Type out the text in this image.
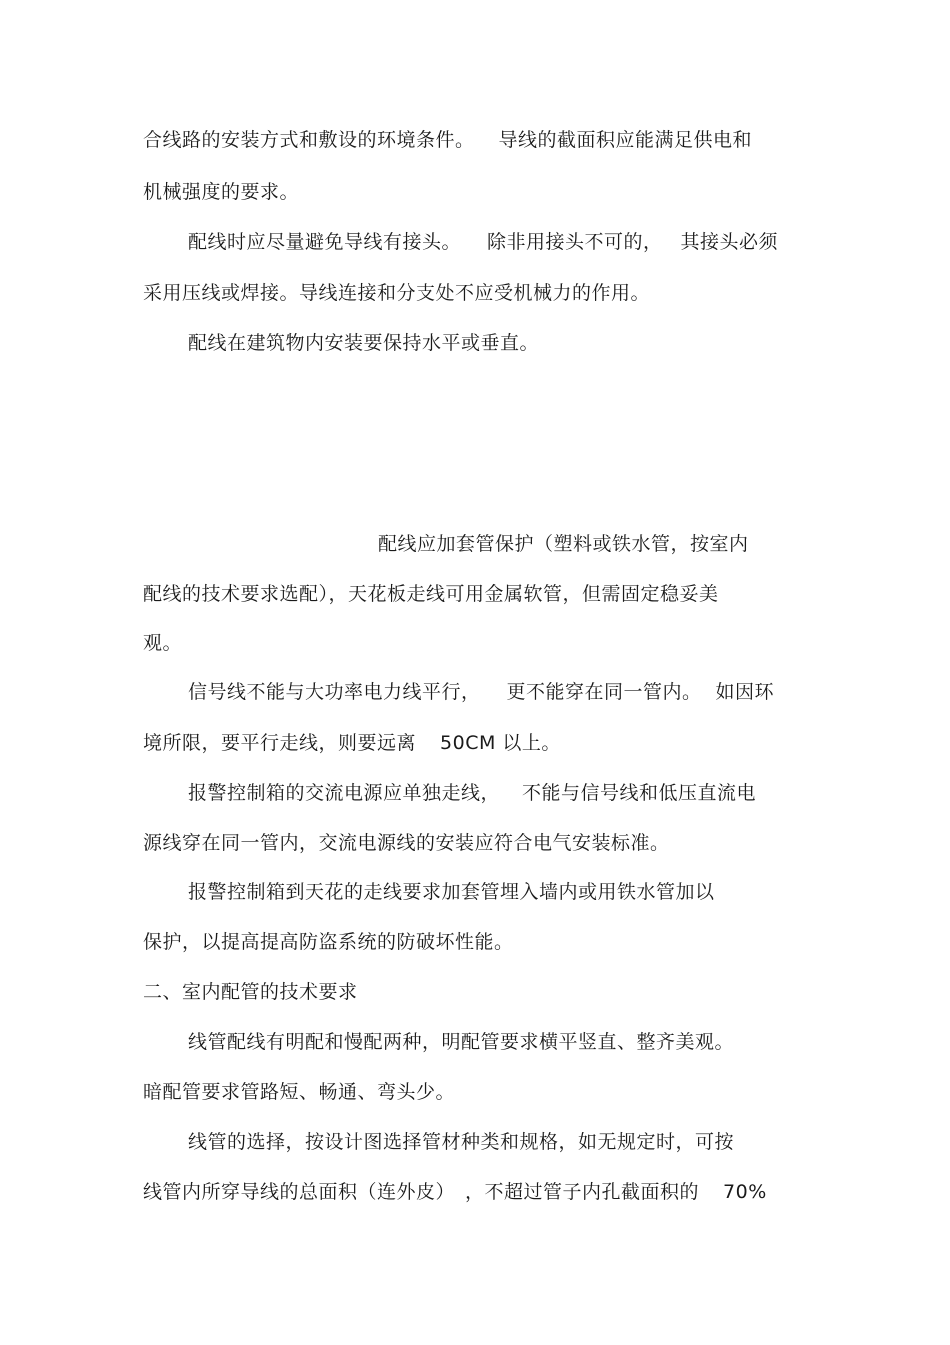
合线路的安装方式和敷设的环境条件。 导线的截面积应能满足供电和
机械强度的要求。
配线时应尽量避免导线有接头。 除非用接头不可的， 其接头必须
采用压线或焊接。导线连接和分支处不应受机械力的作用。
配线在建筑物内安装要保持水平或垂直。
配线应加套管保护（塑料或铁水管，按室内
配线的技术要求选配），天花板走线可用金属软管，但需固定稳妥美
观。
信号线不能与大功率电力线平行， 更不能穿在同一管内。 如因环
境所限，要平行走线，则要远离 50CM 以上。
报警控制箱的交流电源应单独走线， 不能与信号线和低压直流电
源线穿在同一管内，交流电源线的安装应符合电气安装标准。
报警控制箱到天花的走线要求加套管埋入墙内或用铁水管加以
保护，以提高提高防盗系统的防破坏性能。
二、室内配管的技术要求
线管配线有明配和慢配两种，明配管要求横平竖直、整齐美观。
暗配管要求管路短、畅通、弯头少。
线管的选择，按设计图选择管材种类和规格，如无规定时，可按
线管内所穿导线的总面积（连外皮） ，不超过管子内孔截面积的 70%
